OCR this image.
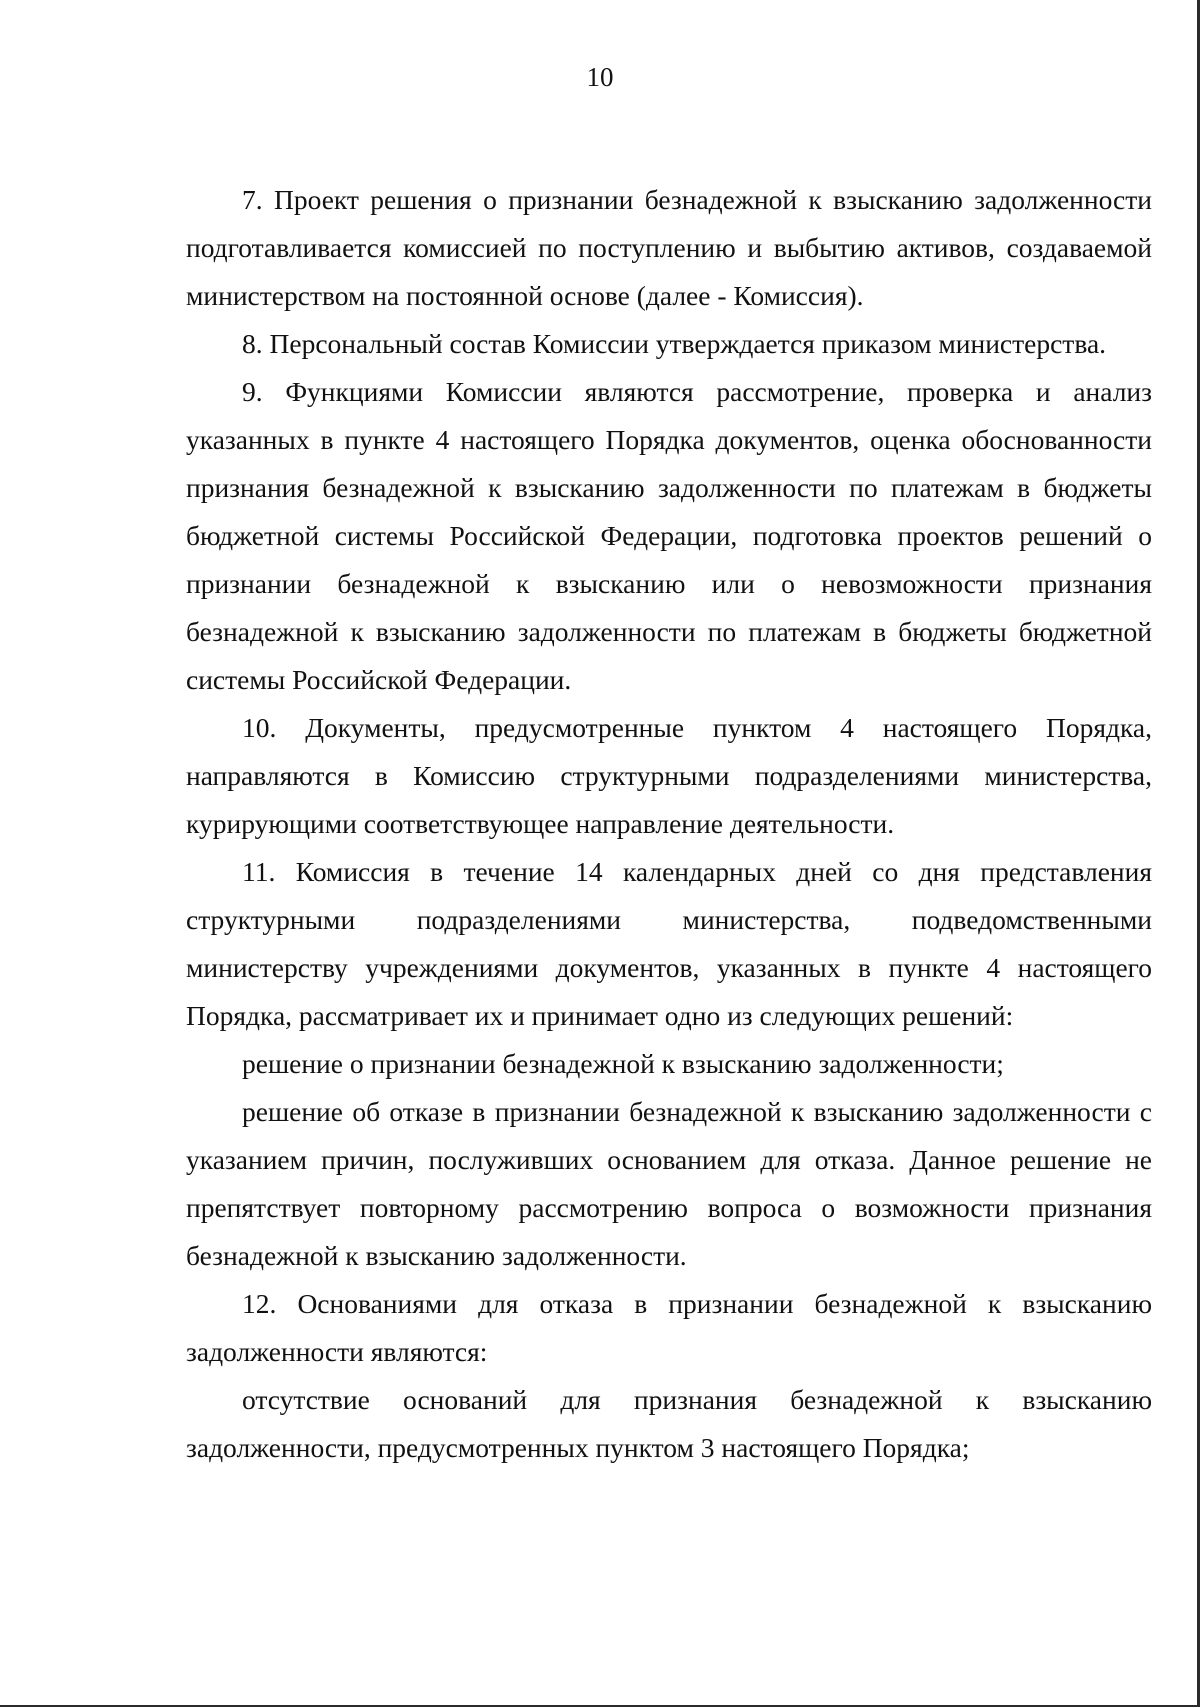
10

7. Проект решения о признании безнадежной к взысканию задолженности подготавливается комиссией по поступлению и выбытию активов, создаваемой министерством на постоянной основе (далее - Комиссия).

8. Персональный состав Комиссии утверждается приказом министерства.

9. Функциями Комиссии являются рассмотрение, проверка и анализ указанных в пункте 4 настоящего Порядка документов, оценка обоснованности признания безнадежной к взысканию задолженности по платежам в бюджеты бюджетной системы Российской Федерации, подготовка проектов решений о признании безнадежной к взысканию или о невозможности признания безнадежной к взысканию задолженности по платежам в бюджеты бюджетной системы Российской Федерации.

10. Документы, предусмотренные пунктом 4 настоящего Порядка, направляются в Комиссию структурными подразделениями министерства, курирующими соответствующее направление деятельности.

11. Комиссия в течение 14 календарных дней со дня представления структурными подразделениями министерства, подведомственными министерству учреждениями документов, указанных в пункте 4 настоящего Порядка, рассматривает их и принимает одно из следующих решений:

решение о признании безнадежной к взысканию задолженности;

решение об отказе в признании безнадежной к взысканию задолженности с указанием причин, послуживших основанием для отказа. Данное решение не препятствует повторному рассмотрению вопроса о возможности признания безнадежной к взысканию задолженности.

12. Основаниями для отказа в признании безнадежной к взысканию задолженности являются:

отсутствие оснований для признания безнадежной к взысканию задолженности, предусмотренных пунктом 3 настоящего Порядка;
